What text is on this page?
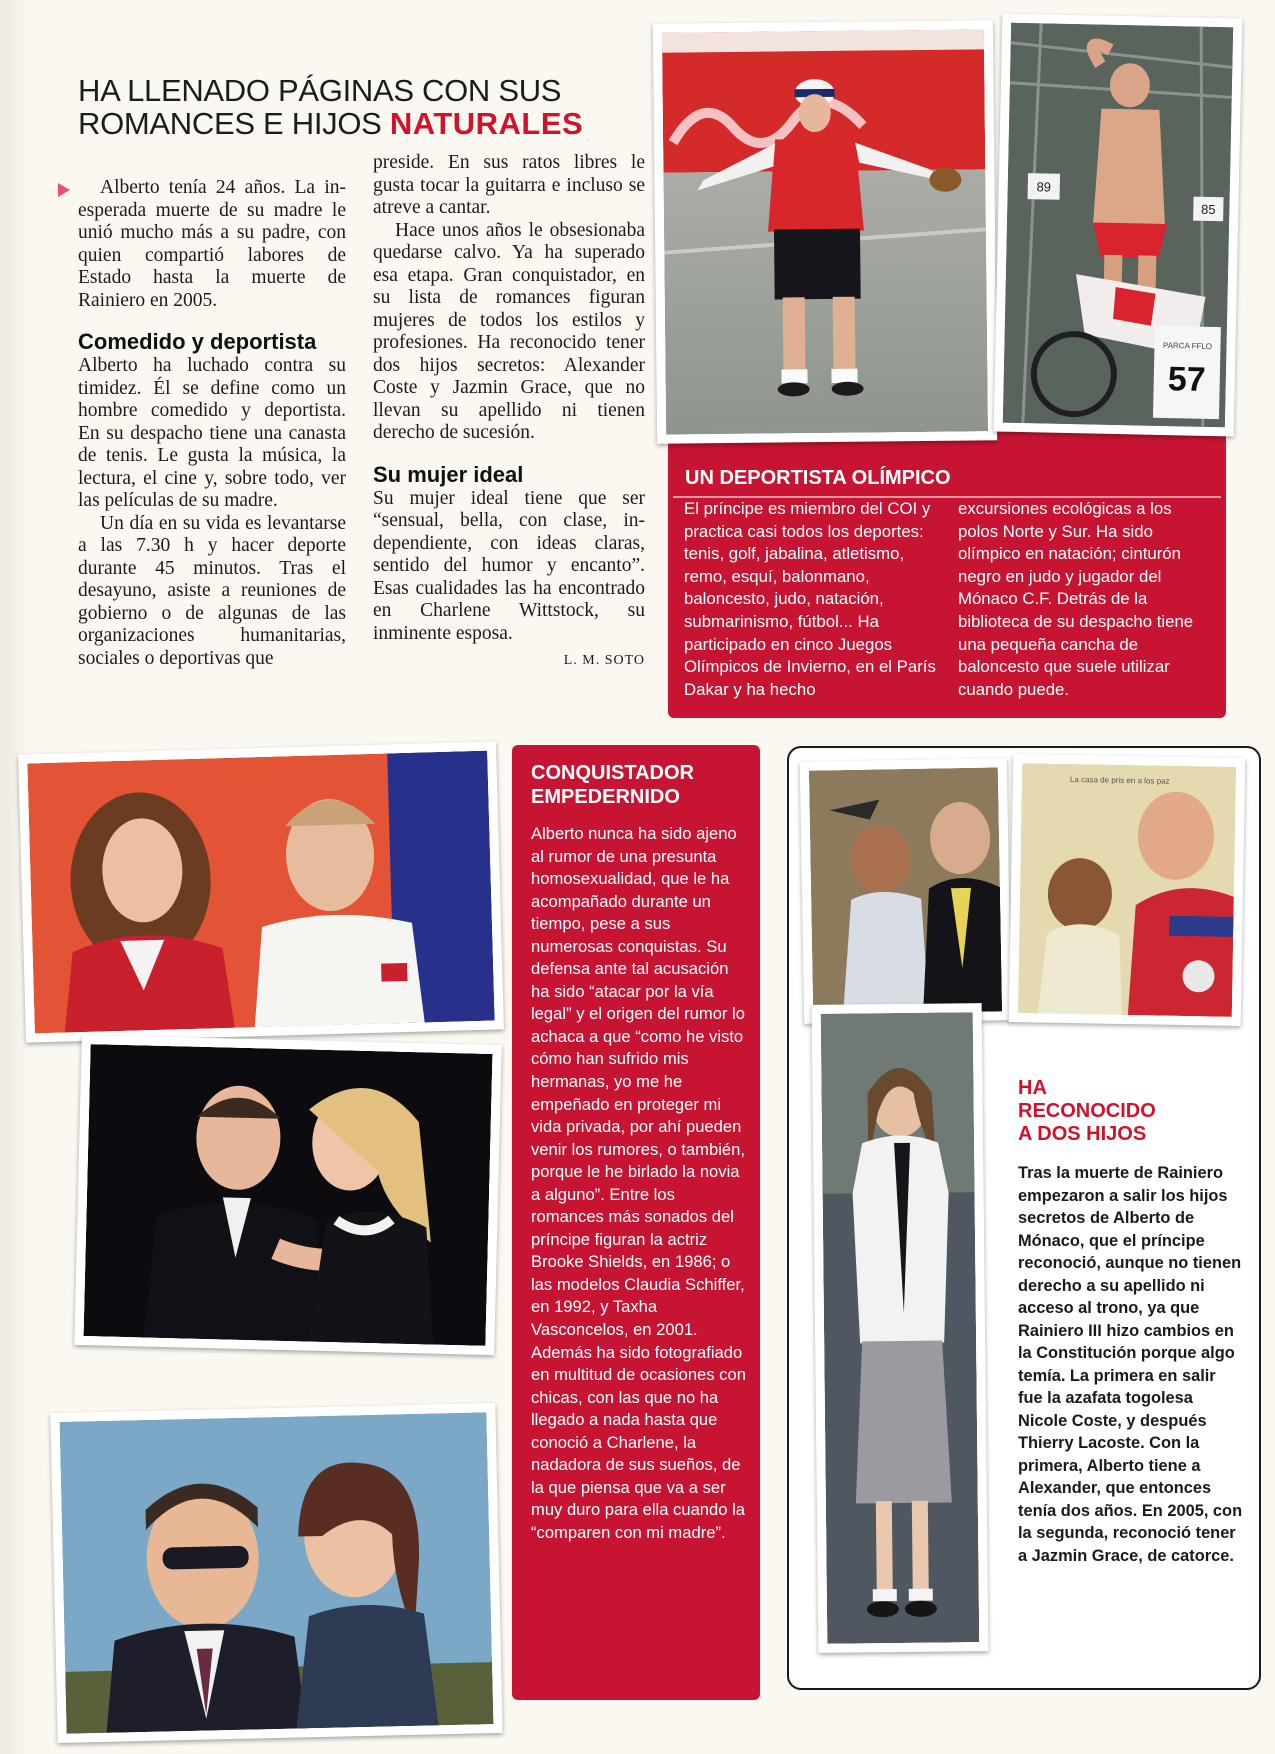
HA LLENADO PÁGINAS CON SUS
ROMANCES E HIJOS NATURALES

Alberto tenía 24 años. La inesperada muerte de su madre le unió mucho más a su padre, con quien compartió labores de Estado hasta la muerte de Rainiero en 2005.

Comedido y deportista

Alberto ha luchado contra su timidez. Él se define como un hombre comedido y deportista. En su despacho tiene una canasta de tenis. Le gusta la música, la lectura, el cine y, sobre todo, ver las películas de su madre.

Un día en su vida es levantarse a las 7.30 h y hacer deporte durante 45 minutos. Tras el desayuno, asiste a reuniones de gobierno o de algunas de las organizaciones humanitarias, sociales o deportivas que

preside. En sus ratos libres le gusta tocar la guitarra e incluso se atreve a cantar.

Hace unos años le obsesionaba quedarse calvo. Ya ha superado esa etapa. Gran conquistador, en su lista de romances figuran mujeres de todos los estilos y profesiones. Ha reconocido tener dos hijos secretos: Alexander Coste y Jazmin Grace, que no llevan su apellido ni tienen derecho de sucesión.

Su mujer ideal

Su mujer ideal tiene que ser “sensual, bella, con clase, independiente, con ideas claras, sentido del humor y encanto”. Esas cualidades las ha encontrado en Charlene Wittstock, su inminente esposa.

L. M. SOTO
UN DEPORTISTA OLÍMPICO
El príncipe es miembro del COI y practica casi todos los deportes: tenis, golf, jabalina, atletismo, remo, esquí, balonmano, baloncesto, judo, natación, submarinismo, fútbol... Ha participado en cinco Juegos Olímpicos de Invierno, en el París Dakar y ha hecho
excursiones ecológicas a los polos Norte y Sur. Ha sido olímpico en natación; cinturón negro en judo y jugador del Mónaco C.F. Detrás de la biblioteca de su despacho tiene una pequeña cancha de baloncesto que suele utilizar cuando puede.
89
85
PARCA FFLO
57
CONQUISTADOR
EMPEDERNIDO
Alberto nunca ha sido ajeno al rumor de una presunta homosexualidad, que le ha acompañado durante un tiempo, pese a sus numerosas conquistas. Su defensa ante tal acusación ha sido “atacar por la vía legal” y el origen del rumor lo achaca a que “como he visto cómo han sufrido mis hermanas, yo me he empeñado en proteger mi vida privada, por ahí pueden venir los rumores, o también, porque le he birlado la novia a alguno”. Entre los romances más sonados del príncipe figuran la actriz Brooke Shields, en 1986; o las modelos Claudia Schiffer, en 1992, y Taxha Vasconcelos, en 2001. Además ha sido fotografiado en multitud de ocasiones con chicas, con las que no ha llegado a nada hasta que conoció a Charlene, la nadadora de sus sueños, de la que piensa que va a ser muy duro para ella cuando la “comparen con mi madre”.
La casa de pris en a los paz
HA
RECONOCIDO
A DOS HIJOS
Tras la muerte de Rainiero empezaron a salir los hijos secretos de Alberto de Mónaco, que el príncipe reconoció, aunque no tienen derecho a su apellido ni acceso al trono, ya que Rainiero III hizo cambios en la Constitución porque algo temía. La primera en salir fue la azafata togolesa Nicole Coste, y después Thierry Lacoste. Con la primera, Alberto tiene a Alexander, que entonces tenía dos años. En 2005, con la segunda, reconoció tener a Jazmin Grace, de catorce.
